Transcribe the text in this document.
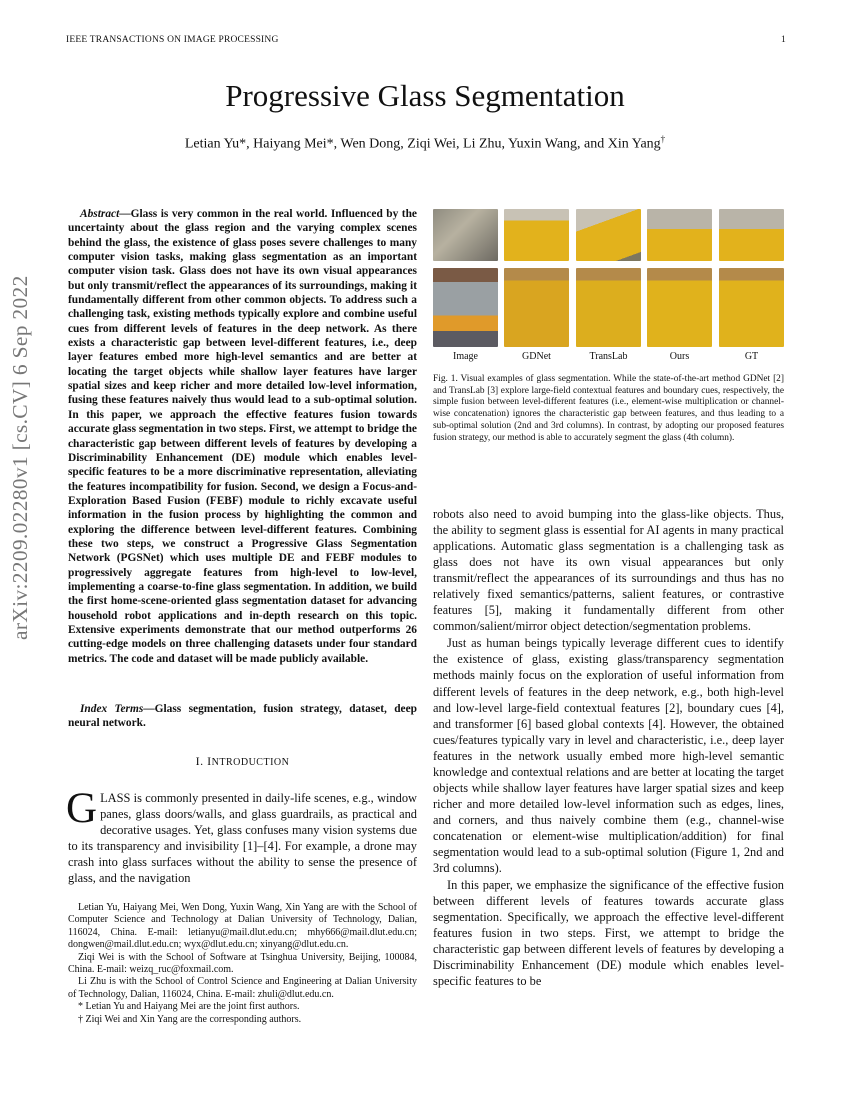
IEEE TRANSACTIONS ON IMAGE PROCESSING	1
Progressive Glass Segmentation
Letian Yu*, Haiyang Mei*, Wen Dong, Ziqi Wei, Li Zhu, Yuxin Wang, and Xin Yang†
arXiv:2209.02280v1 [cs.CV] 6 Sep 2022
Abstract—Glass is very common in the real world. Influenced by the uncertainty about the glass region and the varying complex scenes behind the glass, the existence of glass poses severe challenges to many computer vision tasks, making glass segmentation as an important computer vision task. Glass does not have its own visual appearances but only transmit/reflect the appearances of its surroundings, making it fundamentally different from other common objects. To address such a challenging task, existing methods typically explore and combine useful cues from different levels of features in the deep network. As there exists a characteristic gap between level-different features, i.e., deep layer features embed more high-level semantics and are better at locating the target objects while shallow layer features have larger spatial sizes and keep richer and more detailed low-level information, fusing these features naively thus would lead to a sub-optimal solution. In this paper, we approach the effective features fusion towards accurate glass segmentation in two steps. First, we attempt to bridge the characteristic gap between different levels of features by developing a Discriminability Enhancement (DE) module which enables level-specific features to be a more discriminative representation, alleviating the features incompatibility for fusion. Second, we design a Focus-and-Exploration Based Fusion (FEBF) module to richly excavate useful information in the fusion process by highlighting the common and exploring the difference between level-different features. Combining these two steps, we construct a Progressive Glass Segmentation Network (PGSNet) which uses multiple DE and FEBF modules to progressively aggregate features from high-level to low-level, implementing a coarse-to-fine glass segmentation. In addition, we build the first home-scene-oriented glass segmentation dataset for advancing household robot applications and in-depth research on this topic. Extensive experiments demonstrate that our method outperforms 26 cutting-edge models on three challenging datasets under four standard metrics. The code and dataset will be made publicly available.
Index Terms—Glass segmentation, fusion strategy, dataset, deep neural network.
I. INTRODUCTION
GLASS is commonly presented in daily-life scenes, e.g., window panes, glass doors/walls, and glass guardrails, as practical and decorative usages. Yet, glass confuses many vision systems due to its transparency and invisibility [1]–[4]. For example, a drone may crash into glass surfaces without the ability to sense the presence of glass, and the navigation

Letian Yu, Haiyang Mei, Wen Dong, Yuxin Wang, Xin Yang are with the School of Computer Science and Technology at Dalian University of Technology, Dalian, 116024, China. E-mail: letianyu@mail.dlut.edu.cn; mhy666@mail.dlut.edu.cn; dongwen@mail.dlut.edu.cn; wyx@dlut.edu.cn; xinyang@dlut.edu.cn.

Ziqi Wei is with the School of Software at Tsinghua University, Beijing, 100084, China. E-mail: weizq_ruc@foxmail.com.

Li Zhu is with the School of Control Science and Engineering at Dalian University of Technology, Dalian, 116024, China. E-mail: zhuli@dlut.edu.cn.

* Letian Yu and Haiyang Mei are the joint first authors.

† Ziqi Wei and Xin Yang are the corresponding authors.

Image	GDNet	TransLab	Ours	GT
Fig. 1. Visual examples of glass segmentation. While the state-of-the-art method GDNet [2] and TransLab [3] explore large-field contextual features and boundary cues, respectively, the simple fusion between level-different features (i.e., element-wise multiplication or channel-wise concatenation) ignores the characteristic gap between features, and thus leading to a sub-optimal solution (2nd and 3rd columns). In contrast, by adopting our proposed features fusion strategy, our method is able to accurately segment the glass (4th column).

robots also need to avoid bumping into the glass-like objects. Thus, the ability to segment glass is essential for AI agents in many practical applications. Automatic glass segmentation is a challenging task as glass does not have its own visual appearances but only transmit/reflect the appearances of its surroundings and thus has no relatively fixed semantics/patterns, salient features, or contrastive features [5], making it fundamentally different from other common/salient/mirror object detection/segmentation problems.

Just as human beings typically leverage different cues to identify the existence of glass, existing glass/transparency segmentation methods mainly focus on the exploration of useful information from different levels of features in the deep network, e.g., both high-level and low-level large-field contextual features [2], boundary cues [4], and transformer [6] based global contexts [4]. However, the obtained cues/features typically vary in level and characteristic, i.e., deep layer features in the network usually embed more high-level semantic knowledge and contextual relations and are better at locating the target objects while shallow layer features have larger spatial sizes and keep richer and more detailed low-level information such as edges, lines, and corners, and thus naively combine them (e.g., channel-wise concatenation or element-wise multiplication/addition) for final segmentation would lead to a sub-optimal solution (Figure 1, 2nd and 3rd columns).

In this paper, we emphasize the significance of the effective fusion between different levels of features towards accurate glass segmentation. Specifically, we approach the effective level-different features fusion in two steps. First, we attempt to bridge the characteristic gap between different levels of features by developing a Discriminability Enhancement (DE) module which enables level-specific features to be
